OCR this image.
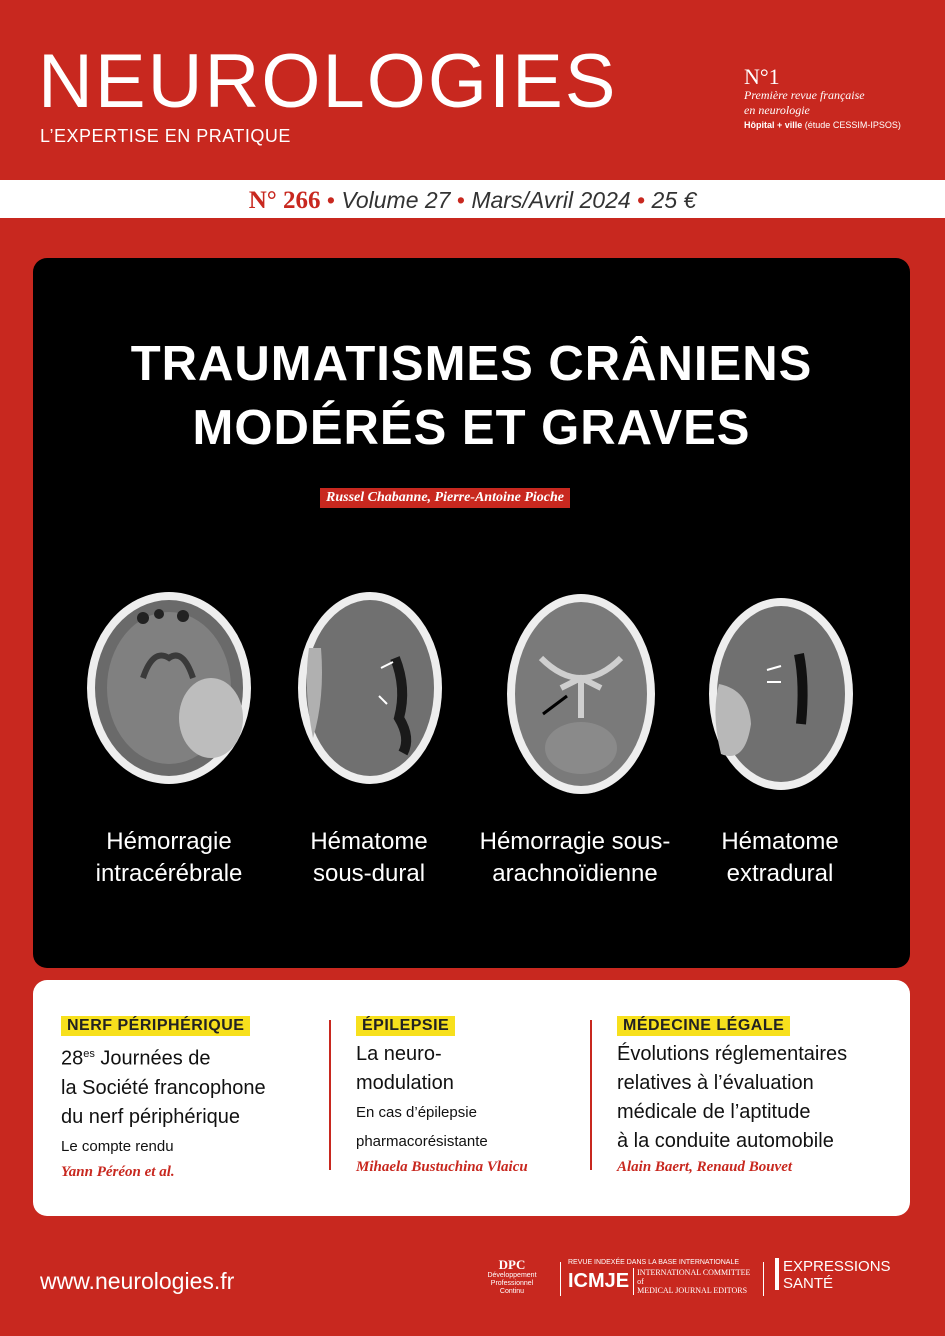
NEUROLOGIES
L’EXPERTISE EN PRATIQUE
N°1
Première revue française
en neurologie
Hôpital + ville (étude CESSIM-IPSOS)
N° 266 • Volume 27 • Mars/Avril 2024 • 25 €
TRAUMATISMES CRÂNIENS
MODÉRÉS ET GRAVES
Russel Chabanne, Pierre-Antoine Pioche
Hémorragie
intracérébrale
Hématome
sous-dural
Hémorragie sous-
arachnoïdienne
Hématome
extradural
NERF PÉRIPHÉRIQUE
$28^{es}$ Journées de
la Société francophone
du nerf périphérique
Le compte rendu
Yann Péréon et al.
ÉPILEPSIE
La neuro-
modulation
En cas d’épilepsie
pharmacorésistante
Mihaela Bustuchina Vlaicu
MÉDECINE LÉGALE
Évolutions réglementaires
relatives à l’évaluation
médicale de l’aptitude
à la conduite automobile
Alain Baert, Renaud Bouvet
www.neurologies.fr
DPC
Développement
Professionnel
Continu
REVUE INDEXÉE DANS LA BASE INTERNATIONALE
ICMJE INTERNATIONAL COMMITTEE of
MEDICAL JOURNAL EDITORS
EXPRESSIONS
SANTÉ
